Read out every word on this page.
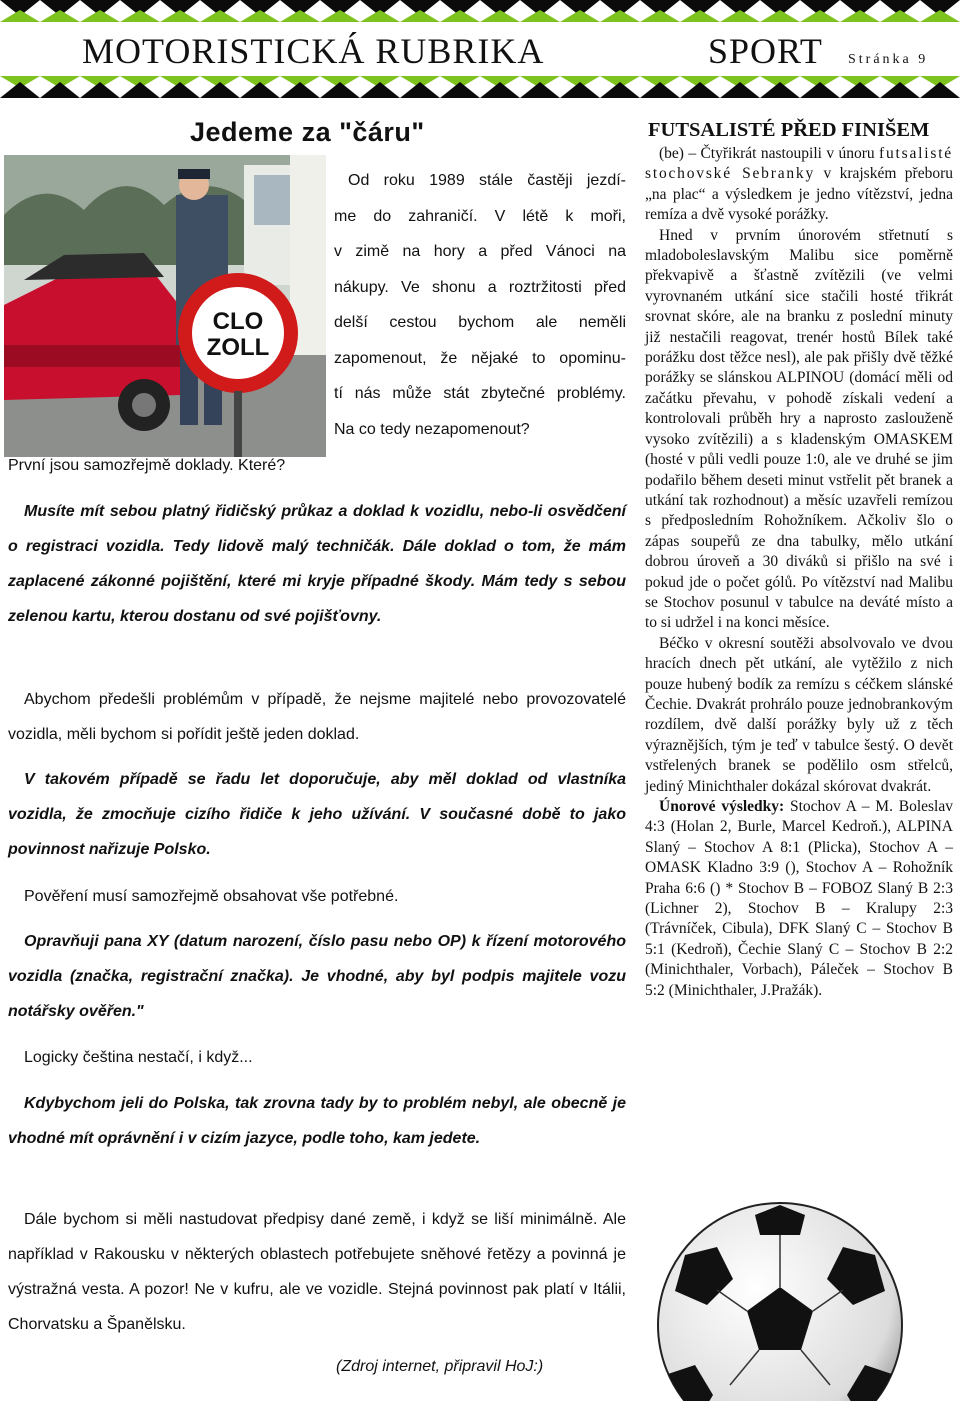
MOTORISTICKÁ RUBRIKA	SPORT Stránka 9
Jedeme za "čáru"
CLO
ZOLL
Od roku 1989 stále častěji jezdí-
me do zahraničí. V létě k moři,
v zimě na hory a před Vánoci na
nákupy. Ve shonu a roztržitosti před
delší cestou bychom ale neměli
zapomenout, že nějaké to opominu-
tí nás může stát zbytečné problémy.
Na co tedy nezapomenout?
První jsou samozřejmě doklady. Které?
Musíte mít sebou platný řidičský průkaz a doklad k vozidlu, nebo-li osvědčení o registraci vozidla. Tedy lidově malý techničák. Dále doklad o tom, že mám zaplacené zákonné pojištění, které mi kryje případné škody. Mám tedy s sebou zelenou kartu, kterou dostanu od své pojišťovny.
Abychom předešli problémům v případě, že nejsme majitelé nebo provozovatelé vozidla, měli bychom si pořídit ještě jeden doklad.
V takovém případě se řadu let doporučuje, aby měl doklad od vlastníka vozidla, že zmocňuje cizího řidiče k jeho užívání. V současné době to jako povinnost nařizuje Polsko.
Pověření musí samozřejmě obsahovat vše potřebné.
Opravňuji pana XY (datum narození, číslo pasu nebo OP) k řízení motorového vozidla (značka, registrační značka). Je vhodné, aby byl podpis majitele vozu notářsky ověřen."
Logicky čeština nestačí, i když...
Kdybychom jeli do Polska, tak zrovna tady by to problém nebyl, ale obecně je vhodné mít oprávnění i v cizím jazyce, podle toho, kam jedete.
Dále bychom si měli nastudovat předpisy dané země, i když se liší minimálně. Ale například v Rakousku v některých oblastech potřebujete sněhové řetězy a povinná je výstražná vesta. A pozor! Ne v kufru, ale ve vozidle. Stejná povinnost pak platí v Itálii, Chorvatsku a Španělsku.
(Zdroj internet, připravil HoJ:)
FUTSALISTÉ PŘED FINIŠEM

(be) – Čtyřikrát nastoupili v únoru futsalisté stochovské Sebranky v krajském přeboru „na plac“ a výsledkem je jedno vítězství, jedna remíza a dvě vysoké porážky.

Hned v prvním únorovém střetnutí s mladoboleslavským Malibu sice poměrně překvapivě a šťastně zvítězili (ve velmi vyrovnaném utkání sice stačili hosté třikrát srovnat skóre, ale na branku z poslední minuty již nestačili reagovat, trenér hostů Bílek také porážku dost těžce nesl), ale pak přišly dvě těžké porážky se slánskou ALPINOU (domácí měli od začátku převahu, v pohodě získali vedení a kontrolovali průběh hry a naprosto zaslouženě vysoko zvítězili) a s kladenským OMASKEM (hosté v půli vedli pouze 1:0, ale ve druhé se jim podařilo během deseti minut vstřelit pět branek a utkání tak rozhodnout) a měsíc uzavřeli remízou s předposledním Rohožníkem. Ačkoliv šlo o zápas soupeřů ze dna tabulky, mělo utkání dobrou úroveň a 30 diváků si přišlo na své i pokud jde o počet gólů. Po vítězství nad Malibu se Stochov posunul v tabulce na deváté místo a to si udržel i na konci měsíce.

Béčko v okresní soutěži absolvovalo ve dvou hracích dnech pět utkání, ale vytěžilo z nich pouze hubený bodík za remízu s céčkem slánské Čechie. Dvakrát prohrálo pouze jednobrankovým rozdílem, dvě další porážky byly už z těch výraznějších, tým je teď v tabulce šestý. O devět vstřelených branek se podělilo osm střelců, jediný Minichthaler dokázal skórovat dvakrát.

Únorové výsledky: Stochov A – M. Boleslav 4:3 (Holan 2, Burle, Marcel Kedroň.), ALPINA Slaný – Stochov A 8:1 (Plicka), Stochov A – OMASK Kladno 3:9 (), Stochov A – Rohožník Praha 6:6 () * Stochov B – FOBOZ Slaný B 2:3 (Lichner 2), Stochov B – Kralupy 2:3 (Trávníček, Cibula), DFK Slaný C – Stochov B 5:1 (Kedroň), Čechie Slaný C – Stochov B 2:2 (Minichthaler, Vorbach), Páleček – Stochov B 5:2 (Minichthaler, J.Pražák).
